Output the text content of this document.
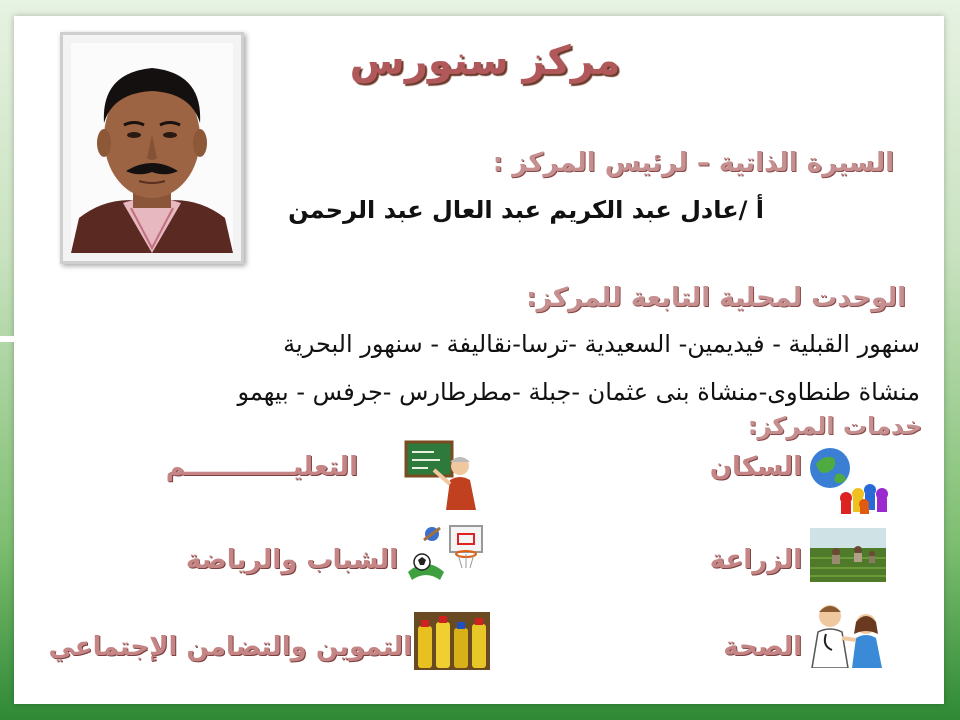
مركز سنورس
السيرة الذاتية – لرئيس المركز :
أ /عادل عبد الكريم عبد العال عبد الرحمن
الوحدت لمحلية التابعة للمركز:
سنهور القبلية - فيديمين- السعيدية -ترسا-نقاليفة - سنهور البحرية
منشاة طنطاوى-منشاة بنى عثمان -جبلة -مطرطارس -جرفس - بيهمو
خدمات المركز:
السكان
التعليــــــــــــم
الزراعة
الشباب والرياضة
الصحة
التموين والتضامن الإجتماعي
